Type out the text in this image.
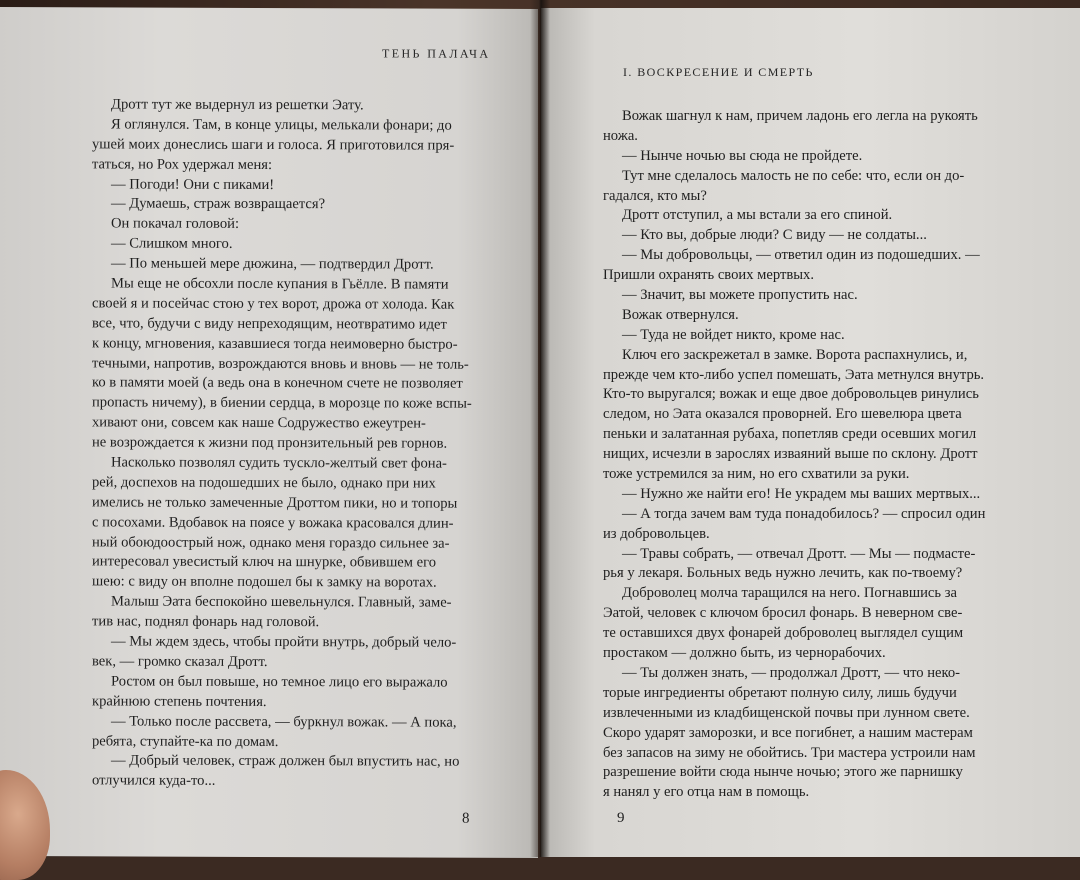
ТЕНЬ ПАЛАЧА
Дротт тут же выдернул из решетки Эату.
Я оглянулся. Там, в конце улицы, мелькали фонари; до
ушей моих донеслись шаги и голоса. Я приготовился пря-
таться, но Рох удержал меня:
— Погоди! Они с пиками!
— Думаешь, страж возвращается?
Он покачал головой:
— Слишком много.
— По меньшей мере дюжина, — подтвердил Дротт.
Мы еще не обсохли после купания в Гьёлле. В памяти
своей я и посейчас стою у тех ворот, дрожа от холода. Как
все, что, будучи с виду непреходящим, неотвратимо идет
к концу, мгновения, казавшиеся тогда неимоверно быстро-
течными, напротив, возрождаются вновь и вновь — не толь-
ко в памяти моей (а ведь она в конечном счете не позволяет
пропасть ничему), в биении сердца, в морозце по коже вспы-
хивают они, совсем как наше Содружество ежеутрен-
не возрождается к жизни под пронзительный рев горнов.
Насколько позволял судить тускло-желтый свет фона-
рей, доспехов на подошедших не было, однако при них
имелись не только замеченные Дроттом пики, но и топоры
с посохами. Вдобавок на поясе у вожака красовался длин-
ный обоюдоострый нож, однако меня гораздо сильнее за-
интересовал увесистый ключ на шнурке, обвившем его
шею: с виду он вполне подошел бы к замку на воротах.
Малыш Эата беспокойно шевельнулся. Главный, заме-
тив нас, поднял фонарь над головой.
— Мы ждем здесь, чтобы пройти внутрь, добрый чело-
век, — громко сказал Дротт.
Ростом он был повыше, но темное лицо его выражало
крайнюю степень почтения.
— Только после рассвета, — буркнул вожак. — А пока,
ребята, ступайте-ка по домам.
— Добрый человек, страж должен был впустить нас, но
отлучился куда-то...
8
I. ВОСКРЕСЕНИЕ И СМЕРТЬ
Вожак шагнул к нам, причем ладонь его легла на рукоять
ножа.
— Нынче ночью вы сюда не пройдете.
Тут мне сделалось малость не по себе: что, если он до-
гадался, кто мы?
Дротт отступил, а мы встали за его спиной.
— Кто вы, добрые люди? С виду — не солдаты...
— Мы добровольцы, — ответил один из подошедших. —
Пришли охранять своих мертвых.
— Значит, вы можете пропустить нас.
Вожак отвернулся.
— Туда не войдет никто, кроме нас.
Ключ его заскрежетал в замке. Ворота распахнулись, и,
прежде чем кто-либо успел помешать, Эата метнулся внутрь.
Кто-то выругался; вожак и еще двое добровольцев ринулись
следом, но Эата оказался проворней. Его шевелюра цвета
пеньки и залатанная рубаха, попетляв среди осевших могил
нищих, исчезли в зарослях изваяний выше по склону. Дротт
тоже устремился за ним, но его схватили за руки.
— Нужно же найти его! Не украдем мы ваших мертвых...
— А тогда зачем вам туда понадобилось? — спросил один
из добровольцев.
— Травы собрать, — отвечал Дротт. — Мы — подмасте-
рья у лекаря. Больных ведь нужно лечить, как по-твоему?
Доброволец молча таращился на него. Погнавшись за
Эатой, человек с ключом бросил фонарь. В неверном све-
те оставшихся двух фонарей доброволец выглядел сущим
простаком — должно быть, из чернорабочих.
— Ты должен знать, — продолжал Дротт, — что неко-
торые ингредиенты обретают полную силу, лишь будучи
извлеченными из кладбищенской почвы при лунном свете.
Скоро ударят заморозки, и все погибнет, а нашим мастерам
без запасов на зиму не обойтись. Три мастера устроили нам
разрешение войти сюда нынче ночью; этого же парнишку
я нанял у его отца нам в помощь.
9
